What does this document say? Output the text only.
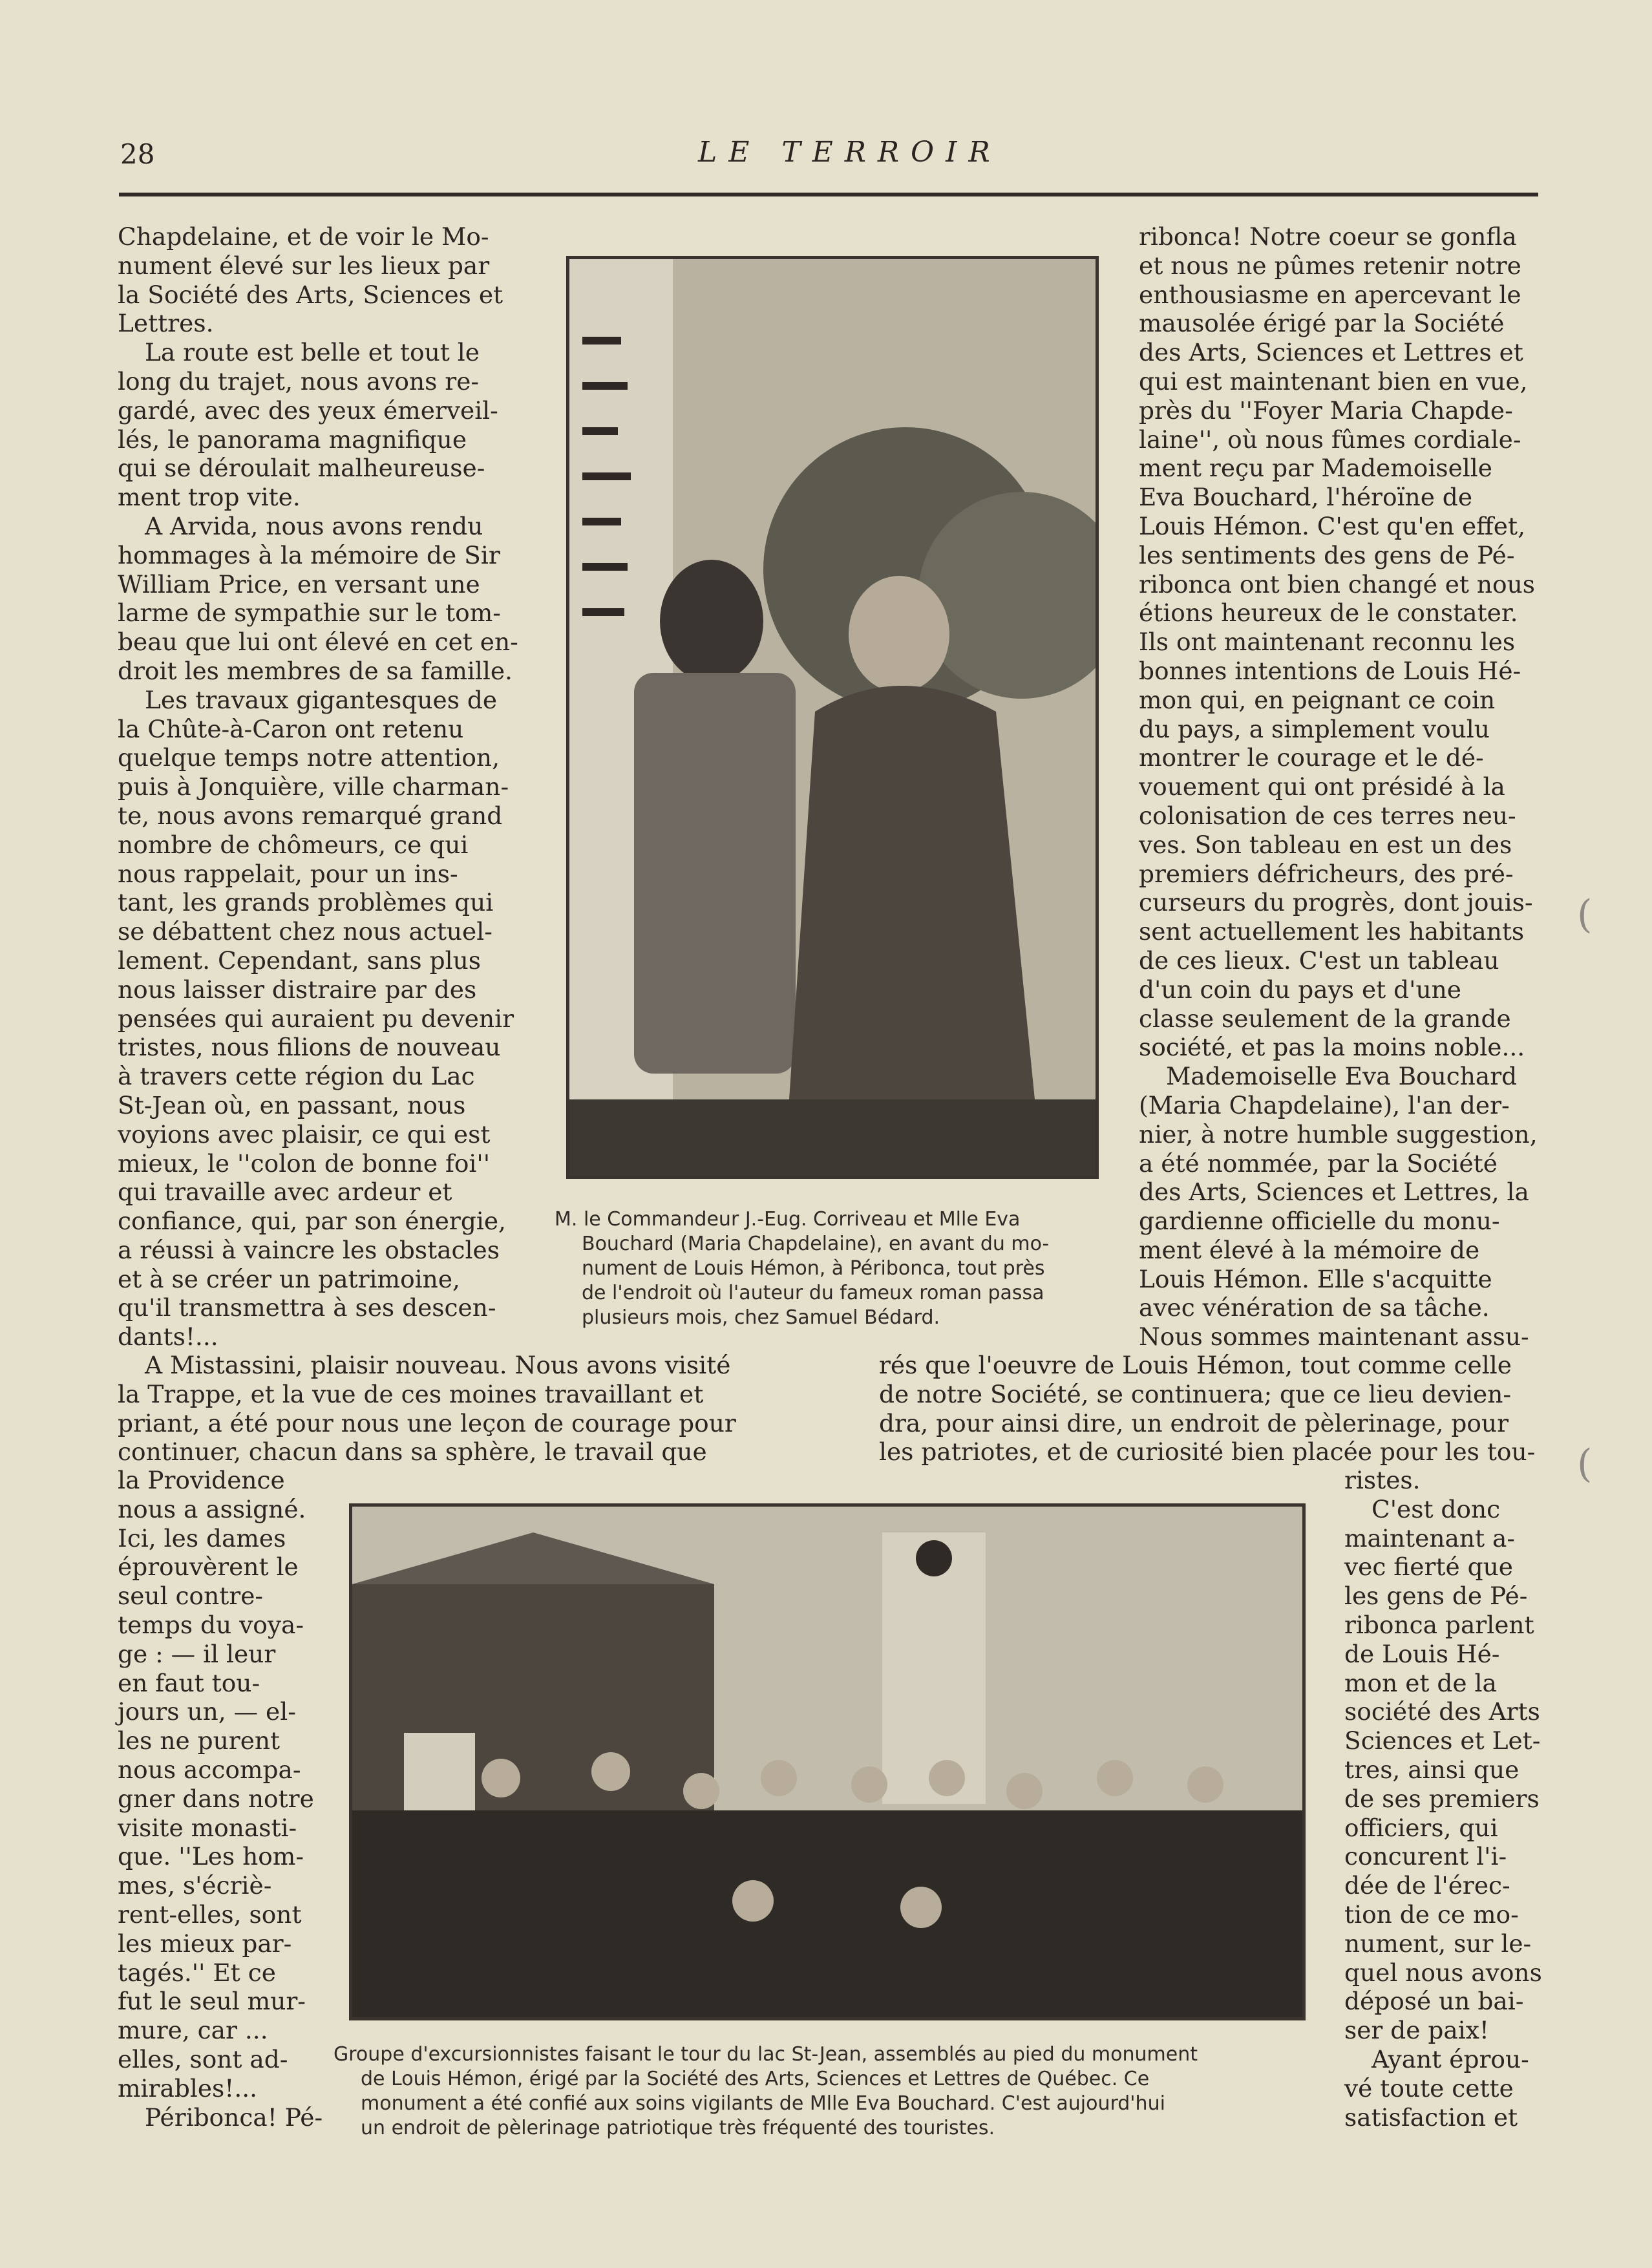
28	LE TERROIR
Chapdelaine, et de voir le Mo-
nument élevé sur les lieux par
la Société des Arts, Sciences et
Lettres.
La route est belle et tout le
long du trajet, nous avons re-
gardé, avec des yeux émerveil-
lés, le panorama magnifique
qui se déroulait malheureuse-
ment trop vite.
A Arvida, nous avons rendu
hommages à la mémoire de Sir
William Price, en versant une
larme de sympathie sur le tom-
beau que lui ont élevé en cet en-
droit les membres de sa famille.
Les travaux gigantesques de
la Chûte-à-Caron ont retenu
quelque temps notre attention,
puis à Jonquière, ville charman-
te, nous avons remarqué grand
nombre de chômeurs, ce qui
nous rappelait, pour un ins-
tant, les grands problèmes qui
se débattent chez nous actuel-
lement. Cependant, sans plus
nous laisser distraire par des
pensées qui auraient pu devenir
tristes, nous filions de nouveau
à travers cette région du Lac
St-Jean où, en passant, nous
voyions avec plaisir, ce qui est
mieux, le ''colon de bonne foi''
qui travaille avec ardeur et
confiance, qui, par son énergie,
a réussi à vaincre les obstacles
et à se créer un patrimoine,
qu'il transmettra à ses descen-
dants!...
M. le Commandeur J.-Eug. Corriveau et Mlle Eva
Bouchard (Maria Chapdelaine), en avant du mo-
nument de Louis Hémon, à Péribonca, tout près
de l'endroit où l'auteur du fameux roman passa
plusieurs mois, chez Samuel Bédard.
ribonca! Notre coeur se gonfla
et nous ne pûmes retenir notre
enthousiasme en apercevant le
mausolée érigé par la Société
des Arts, Sciences et Lettres et
qui est maintenant bien en vue,
près du ''Foyer Maria Chapde-
laine'', où nous fûmes cordiale-
ment reçu par Mademoiselle
Eva Bouchard, l'héroïne de
Louis Hémon. C'est qu'en effet,
les sentiments des gens de Pé-
ribonca ont bien changé et nous
étions heureux de le constater.
Ils ont maintenant reconnu les
bonnes intentions de Louis Hé-
mon qui, en peignant ce coin
du pays, a simplement voulu
montrer le courage et le dé-
vouement qui ont présidé à la
colonisation de ces terres neu-
ves. Son tableau en est un des
premiers défricheurs, des pré-
curseurs du progrès, dont jouis-
sent actuellement les habitants
de ces lieux. C'est un tableau
d'un coin du pays et d'une
classe seulement de la grande
société, et pas la moins noble...
Mademoiselle Eva Bouchard
(Maria Chapdelaine), l'an der-
nier, à notre humble suggestion,
a été nommée, par la Société
des Arts, Sciences et Lettres, la
gardienne officielle du monu-
ment élevé à la mémoire de
Louis Hémon. Elle s'acquitte
avec vénération de sa tâche.
Nous sommes maintenant assu-
A Mistassini, plaisir nouveau. Nous avons visité
la Trappe, et la vue de ces moines travaillant et
priant, a été pour nous une leçon de courage pour
continuer, chacun dans sa sphère, le travail que
rés que l'oeuvre de Louis Hémon, tout comme celle
de notre Société, se continuera; que ce lieu devien-
dra, pour ainsi dire, un endroit de pèlerinage, pour
les patriotes, et de curiosité bien placée pour les tou-
la Providence
nous a assigné.
Ici, les dames
éprouvèrent le
seul contre-
temps du voya-
ge : — il leur
en faut tou-
jours un, — el-
les ne purent
nous accompa-
gner dans notre
visite monasti-
que. ''Les hom-
mes, s'écriè-
rent-elles, sont
les mieux par-
tagés.'' Et ce
fut le seul mur-
mure, car ...
elles, sont ad-
mirables!...
Péribonca! Pé-
ristes.
C'est donc
maintenant a-
vec fierté que
les gens de Pé-
ribonca parlent
de Louis Hé-
mon et de la
société des Arts
Sciences et Let-
tres, ainsi que
de ses premiers
officiers, qui
concurent l'i-
dée de l'érec-
tion de ce mo-
nument, sur le-
quel nous avons
déposé un bai-
ser de paix!
Ayant éprou-
vé toute cette
satisfaction et
Groupe d'excursionnistes faisant le tour du lac St-Jean, assemblés au pied du monument
de Louis Hémon, érigé par la Société des Arts, Sciences et Lettres de Québec. Ce
monument a été confié aux soins vigilants de Mlle Eva Bouchard. C'est aujourd'hui
un endroit de pèlerinage patriotique très fréquenté des touristes.
(
(
